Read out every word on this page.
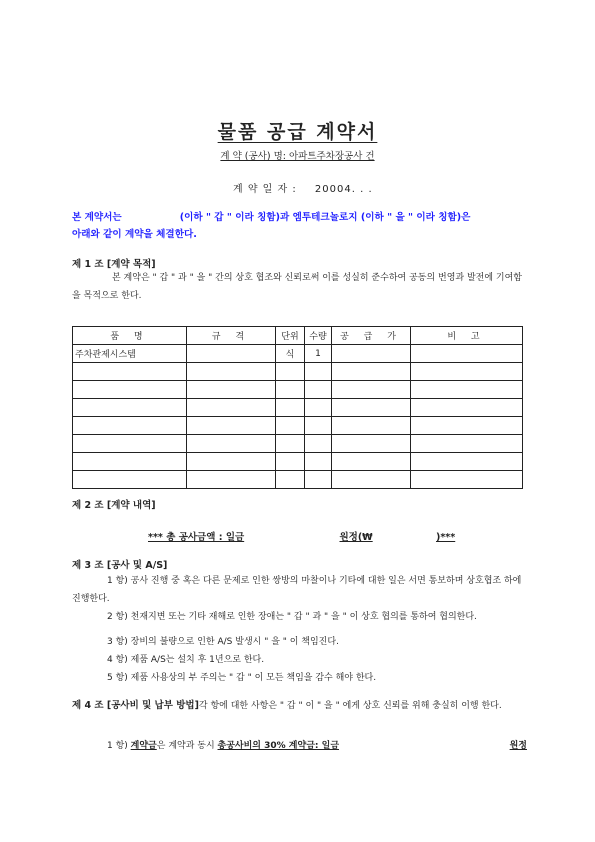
물품 공급 계약서
계 약 (공사) 명: 아파트주차장공사 건
계 약 일 자 : 20004. . .
본 계약서는	(이하 " 갑 " 이라 칭함)과 엠투테크놀로지 (이하 " 을 " 이라 칭함)은
아래와 같이 계약을 체결한다.
제 1 조 [계약 목적]
본 계약은 " 갑 " 과 " 을 " 간의 상호 협조와 신뢰로써 이를 성실히 준수하여 공동의 번영과 발전에 기여함을 목적으로 한다.
품 명	규 격	단위	수량	공 급 가	비 고
주차관제시스템		식	1		

제 2 조 [계약 내역]
*** 총 공사금액 : 일금	원정(₩	)***
제 3 조 [공사 및 A/S]
1 항) 공사 진행 중 혹은 다른 문제로 인한 쌍방의 마찰이나 기타에 대한 일은 서면 통보하며 상호협조 하에 진행한다.
2 항) 천재지변 또는 기타 재해로 인한 장애는 " 갑 " 과 " 을 " 이 상호 협의를 통하여 협의한다.
3 항) 장비의 불량으로 인한 A/S 발생시 " 을 " 이 책임진다.
4 항) 제품 A/S는 설치 후 1년으로 한다.
5 항) 제품 사용상의 부 주의는 " 갑 " 이 모든 책임을 감수 해야 한다.
제 4 조 [공사비 및 납부 방법]각 항에 대한 사항은 " 갑 " 이 " 을 " 에게 상호 신뢰를 위해 충실히 이행 한다.
1 항) 계약금은 계약과 동시 총공사비의 30% 계약금: 일금	원정
